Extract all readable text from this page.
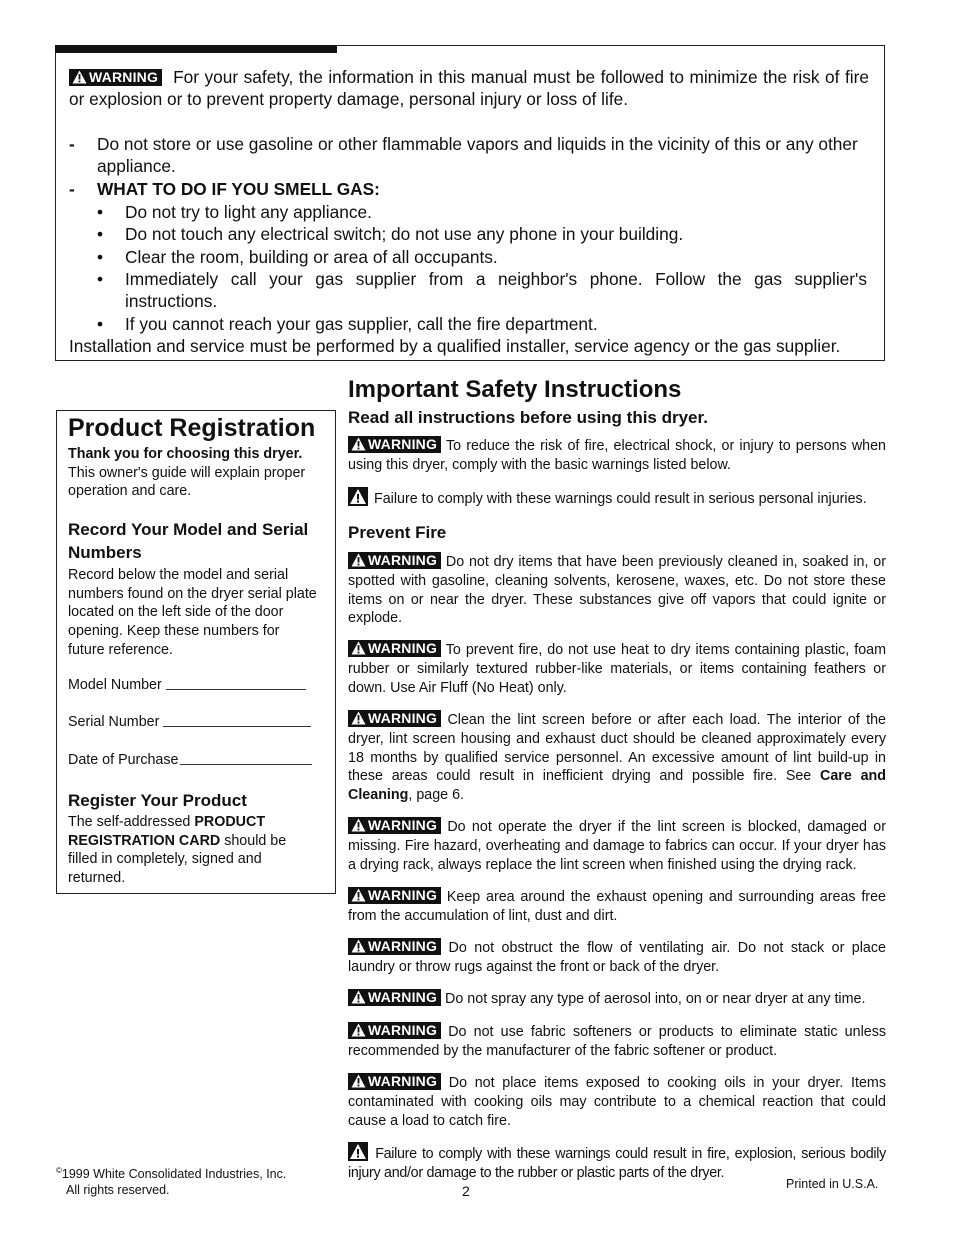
WARNING For your safety, the information in this manual must be followed to minimize the risk of fire or explosion or to prevent property damage, personal injury or loss of life.
- Do not store or use gasoline or other flammable vapors and liquids in the vicinity of this or any other appliance.
- WHAT TO DO IF YOU SMELL GAS:
• Do not try to light any appliance.
• Do not touch any electrical switch; do not use any phone in your building.
• Clear the room, building or area of all occupants.
• Immediately call your gas supplier from a neighbor's phone. Follow the gas supplier's instructions.
• If you cannot reach your gas supplier, call the fire department.
Installation and service must be performed by a qualified installer, service agency or the gas supplier.
Product Registration
Thank you for choosing this dryer. This owner's guide will explain proper operation and care.
Record Your Model and Serial Numbers
Record below the model and serial numbers found on the dryer serial plate located on the left side of the door opening. Keep these numbers for future reference.
Model Number
Serial Number
Date of Purchase
Register Your Product
The self-addressed PRODUCT REGISTRATION CARD should be filled in completely, signed and returned.
Important Safety Instructions
Read all instructions before using this dryer.
WARNING To reduce the risk of fire, electrical shock, or injury to persons when using this dryer, comply with the basic warnings listed below.
Failure to comply with these warnings could result in serious personal injuries.
Prevent Fire
WARNING Do not dry items that have been previously cleaned in, soaked in, or spotted with gasoline, cleaning solvents, kerosene, waxes, etc. Do not store these items on or near the dryer. These substances give off vapors that could ignite or explode.
WARNING To prevent fire, do not use heat to dry items containing plastic, foam rubber or similarly textured rubber-like materials, or items containing feathers or down. Use Air Fluff (No Heat) only.
WARNING Clean the lint screen before or after each load. The interior of the dryer, lint screen housing and exhaust duct should be cleaned approximately every 18 months by qualified service personnel. An excessive amount of lint build-up in these areas could result in inefficient drying and possible fire. See Care and Cleaning, page 6.
WARNING Do not operate the dryer if the lint screen is blocked, damaged or missing. Fire hazard, overheating and damage to fabrics can occur. If your dryer has a drying rack, always replace the lint screen when finished using the drying rack.
WARNING Keep area around the exhaust opening and surrounding areas free from the accumulation of lint, dust and dirt.
WARNING Do not obstruct the flow of ventilating air. Do not stack or place laundry or throw rugs against the front or back of the dryer.
WARNING Do not spray any type of aerosol into, on or near dryer at any time.
WARNING Do not use fabric softeners or products to eliminate static unless recommended by the manufacturer of the fabric softener or product.
WARNING Do not place items exposed to cooking oils in your dryer. Items contaminated with cooking oils may contribute to a chemical reaction that could cause a load to catch fire.
Failure to comply with these warnings could result in fire, explosion, serious bodily injury and/or damage to the rubber or plastic parts of the dryer.
©1999 White Consolidated Industries, Inc.
All rights reserved.	2	Printed in U.S.A.
